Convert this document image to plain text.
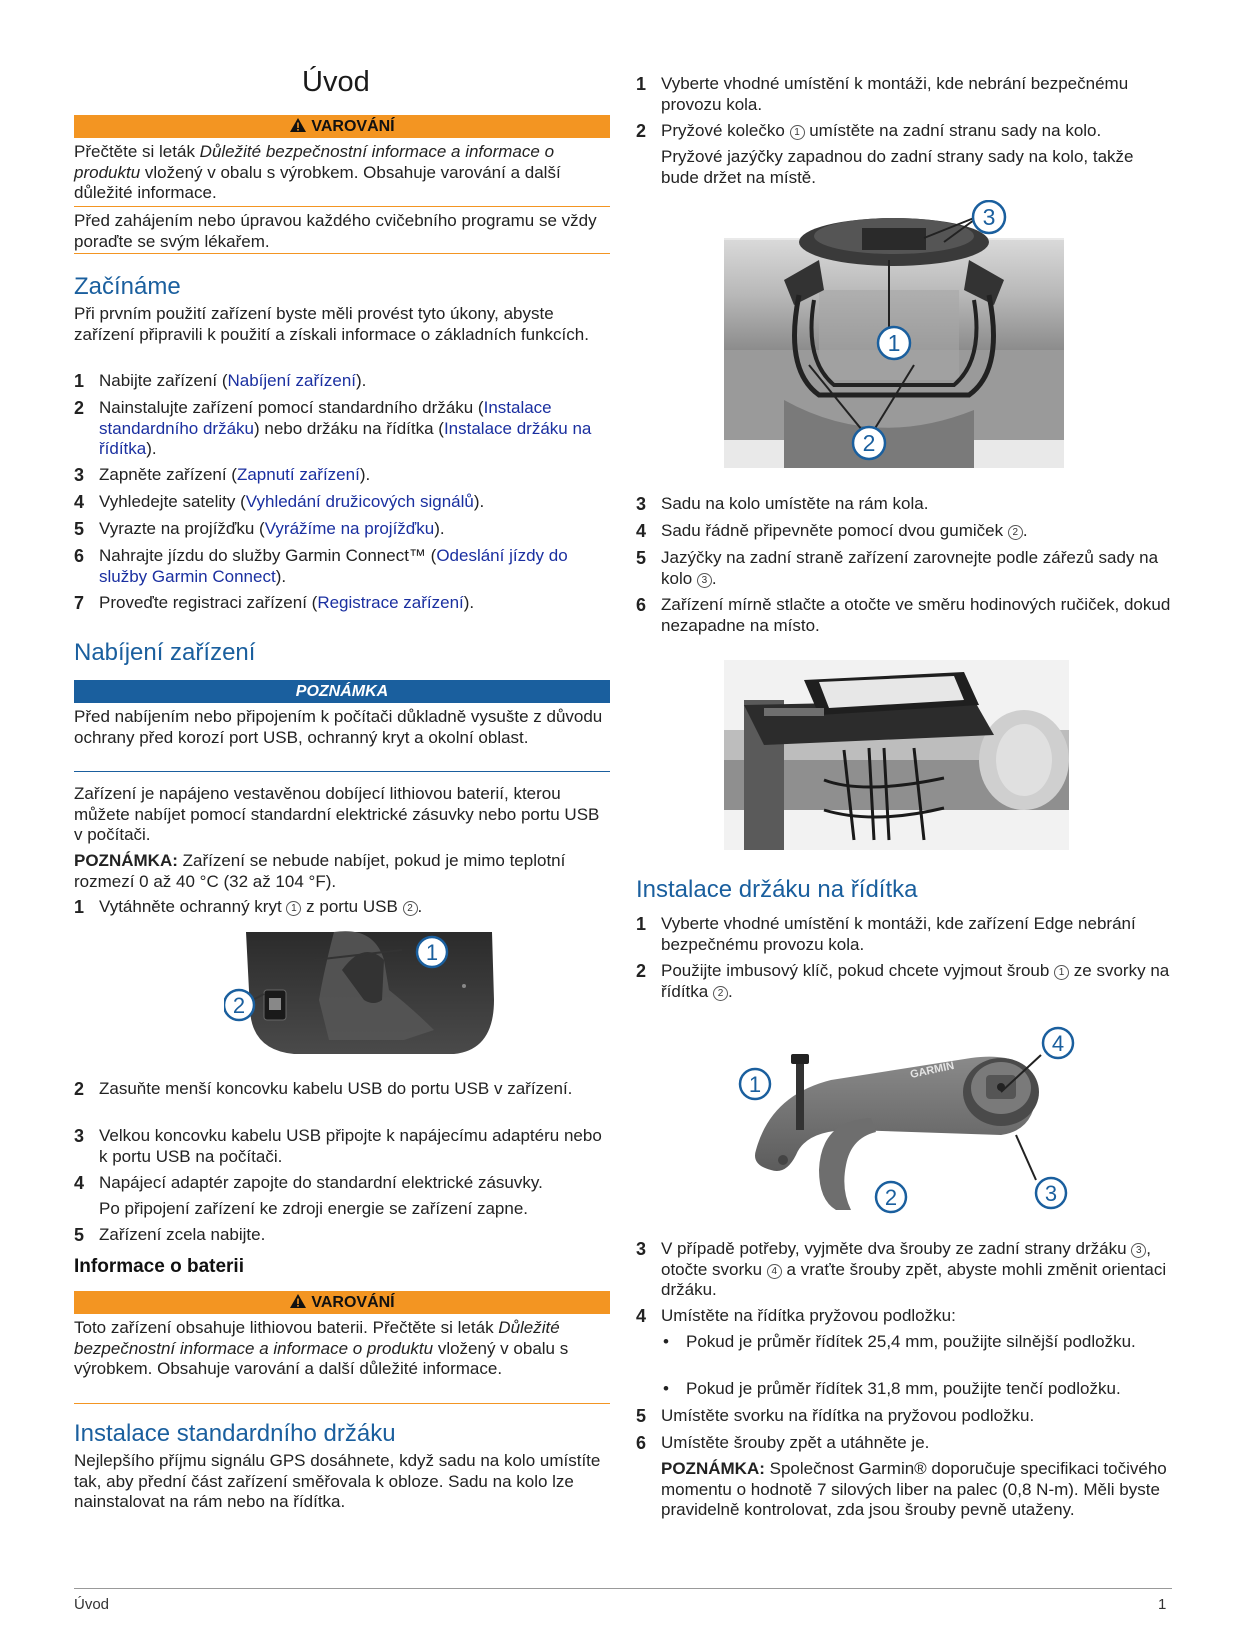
Úvod
VAROVÁNÍ

Přečtěte si leták Důležité bezpečnostní informace a informace o produktu vložený v obalu s výrobkem. Obsahuje varování a další důležité informace.

Před zahájením nebo úpravou každého cvičebního programu se vždy poraďte se svým lékařem.

Začínáme

Při prvním použití zařízení byste měli provést tyto úkony, abyste zařízení připravili k použití a získali informace o základních funkcích.

1 Nabijte zařízení (Nabíjení zařízení).
2 Nainstalujte zařízení pomocí standardního držáku (Instalace standardního držáku) nebo držáku na řídítka (Instalace držáku na řídítka).
3 Zapněte zařízení (Zapnutí zařízení).
4 Vyhledejte satelity (Vyhledání družicových signálů).
5 Vyrazte na projížďku (Vyrážíme na projížďku).
6 Nahrajte jízdu do služby Garmin Connect™ (Odeslání jízdy do služby Garmin Connect).
7 Proveďte registraci zařízení (Registrace zařízení).
Nabíjení zařízení
POZNÁMKA

Před nabíjením nebo připojením k počítači důkladně vysušte z důvodu ochrany před korozí port USB, ochranný kryt a okolní oblast.

Zařízení je napájeno vestavěnou dobíjecí lithiovou baterií, kterou můžete nabíjet pomocí standardní elektrické zásuvky nebo portu USB v počítači.

POZNÁMKA: Zařízení se nebude nabíjet, pokud je mimo teplotní rozmezí 0 až 40 °C (32 až 104 °F).

1 Vytáhněte ochranný kryt 1 z portu USB 2 .
1
2
2 Zasuňte menší koncovku kabelu USB do portu USB v zařízení.
3 Velkou koncovku kabelu USB připojte k napájecímu adaptéru nebo k portu USB na počítači.
4 Napájecí adaptér zapojte do standardní elektrické zásuvky.

Po připojení zařízení ke zdroji energie se zařízení zapne.

5 Zařízení zcela nabijte.
Informace o baterii
VAROVÁNÍ

Toto zařízení obsahuje lithiovou baterii. Přečtěte si leták Důležité bezpečnostní informace a informace o produktu vložený v obalu s výrobkem. Obsahuje varování a další důležité informace.

Instalace standardního držáku

Nejlepšího příjmu signálu GPS dosáhnete, když sadu na kolo umístíte tak, aby přední část zařízení směřovala k obloze. Sadu na kolo lze nainstalovat na rám nebo na řídítka.

1 Vyberte vhodné umístění k montáži, kde nebrání bezpečnému provozu kola.
2 Pryžové kolečko 1 umístěte na zadní stranu sady na kolo.

Pryžové jazýčky zapadnou do zadní strany sady na kolo, takže bude držet na místě.

1
2
3
3 Sadu na kolo umístěte na rám kola.
4 Sadu řádně připevněte pomocí dvou gumiček 2 .
5 Jazýčky na zadní straně zařízení zarovnejte podle zářezů sady na kolo 3 .
6 Zařízení mírně stlačte a otočte ve směru hodinových ručiček, dokud nezapadne na místo.
Instalace držáku na řídítka
1 Vyberte vhodné umístění k montáži, kde zařízení Edge nebrání bezpečnému provozu kola.
2 Použijte imbusový klíč, pokud chcete vyjmout šroub 1 ze svorky na řídítka 2 .
GARMIN
1
2	3
4
3 V případě potřeby, vyjměte dva šrouby ze zadní strany držáku 3 , otočte svorku 4 a vraťte šrouby zpět, abyste mohli změnit orientaci držáku.
4 Umístěte na řídítka pryžovou podložku:
• Pokud je průměr řídítek 25,4 mm, použijte silnější podložku.
• Pokud je průměr řídítek 31,8 mm, použijte tenčí podložku.
5 Umístěte svorku na řídítka na pryžovou podložku.
6 Umístěte šrouby zpět a utáhněte je.

POZNÁMKA: Společnost Garmin® doporučuje specifikaci točivého momentu o hodnotě 7 silových liber na palec (0,8 N-m). Měli byste pravidelně kontrolovat, zda jsou šrouby pevně utaženy.

Úvod	1
